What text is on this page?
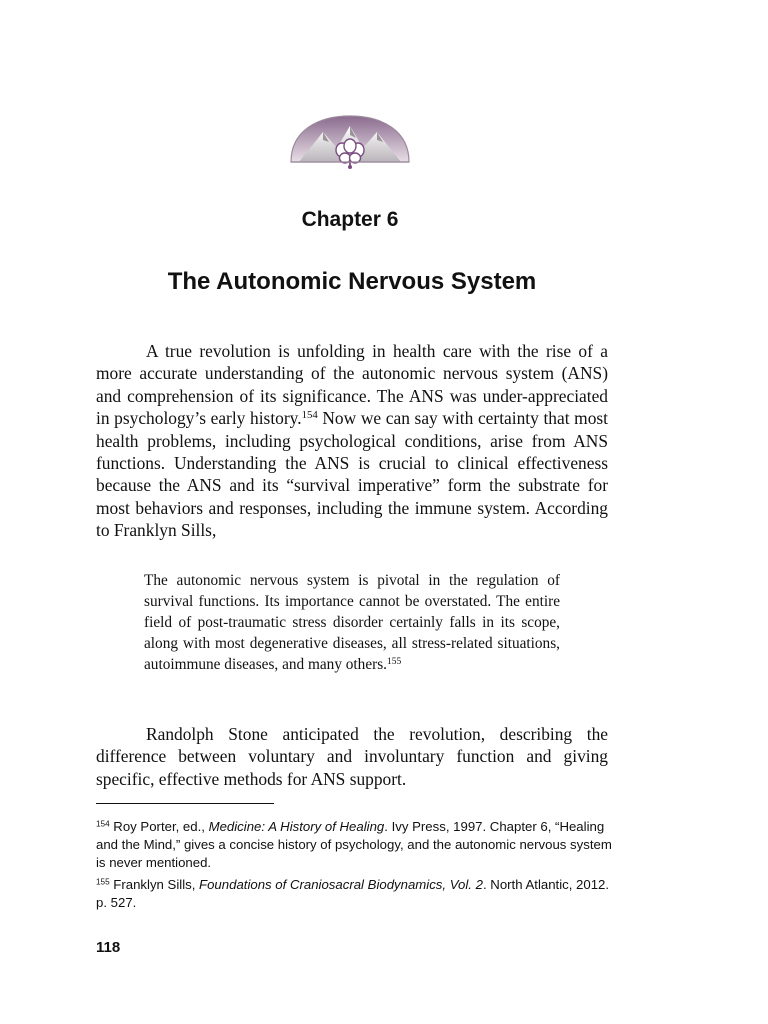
Chapter 6
The Autonomic Nervous System

A true revolution is unfolding in health care with the rise of a more accurate understanding of the autonomic nervous system (ANS) and comprehension of its significance. The ANS was under-appreciated in psychology’s early history.$^{154}$ Now we can say with certainty that most health problems, including psychological conditions, arise from ANS functions. Understanding the ANS is crucial to clinical effectiveness because the ANS and its “survival imperative” form the substrate for most behaviors and responses, including the immune system. According to Franklyn Sills,

The autonomic nervous system is pivotal in the regulation of survival functions. Its importance cannot be overstated. The entire field of post-traumatic stress disorder certainly falls in its scope, along with most degenerative diseases, all stress-related situations, autoimmune diseases, and many others.$^{155}$

Randolph Stone anticipated the revolution, describing the difference between voluntary and involuntary function and giving specific, effective methods for ANS support.

$^{154}$ Roy Porter, ed., Medicine: A History of Healing. Ivy Press, 1997. Chapter 6, “Healing and the Mind,” gives a concise history of psychology, and the autonomic nervous system is never mentioned.

$^{155}$ Franklyn Sills, Foundations of Craniosacral Biodynamics, Vol. 2. North Atlantic, 2012. p. 527.

118
